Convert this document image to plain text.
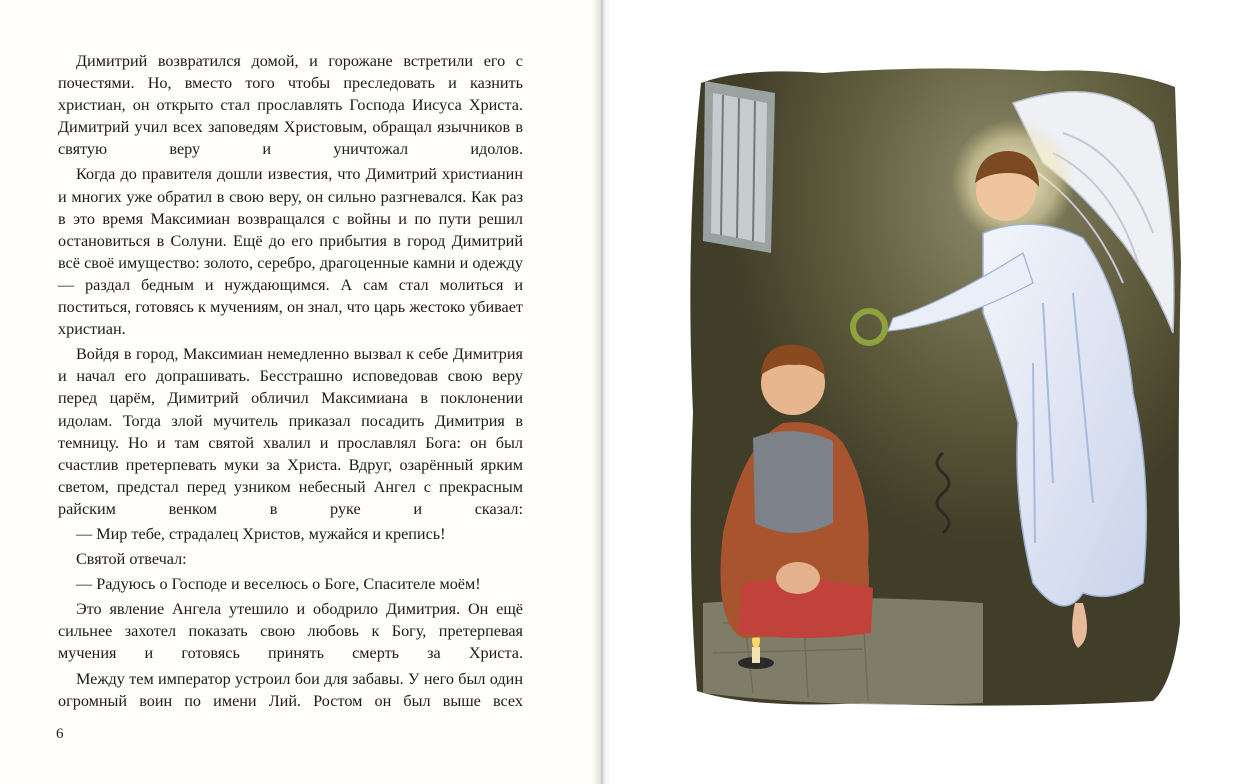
Димитрий возвратился домой, и горожане встретили его с почестями. Но, вместо того чтобы преследовать и казнить христиан, он открыто стал прославлять Господа Иисуса Христа. Димитрий учил всех заповедям Христовым, обращал язычников в святую веру и уничтожал идолов.

Когда до правителя дошли известия, что Димитрий христианин и многих уже обратил в свою веру, он сильно разгневался. Как раз в это время Максимиан возвращался с войны и по пути решил остановиться в Солуни. Ещё до его прибытия в город Димитрий всё своё имущество: золото, серебро, драгоценные камни и одежду — раздал бедным и нуждающимся. А сам стал молиться и поститься, готовясь к мучениям, он знал, что царь жестоко убивает христиан.

Войдя в город, Максимиан немедленно вызвал к себе Димитрия и начал его допрашивать. Бесстрашно исповедовав свою веру перед царём, Димитрий обличил Максимиана в поклонении идолам. Тогда злой мучитель приказал посадить Димитрия в темницу. Но и там святой хвалил и прославлял Бога: он был счастлив претерпевать муки за Христа. Вдруг, озарённый ярким светом, предстал перед узником небесный Ангел с прекрасным райским венком в руке и сказал:

— Мир тебе, страдалец Христов, мужайся и крепись!

Святой отвечал:

— Радуюсь о Господе и веселюсь о Боге, Спасителе моём!

Это явление Ангела утешило и ободрило Димитрия. Он ещё сильнее захотел показать свою любовь к Богу, претерпевая мучения и готовясь принять смерть за Христа.

Между тем император устроил бои для забавы. У него был один огромный воин по имени Лий. Ростом он был выше всех

6
